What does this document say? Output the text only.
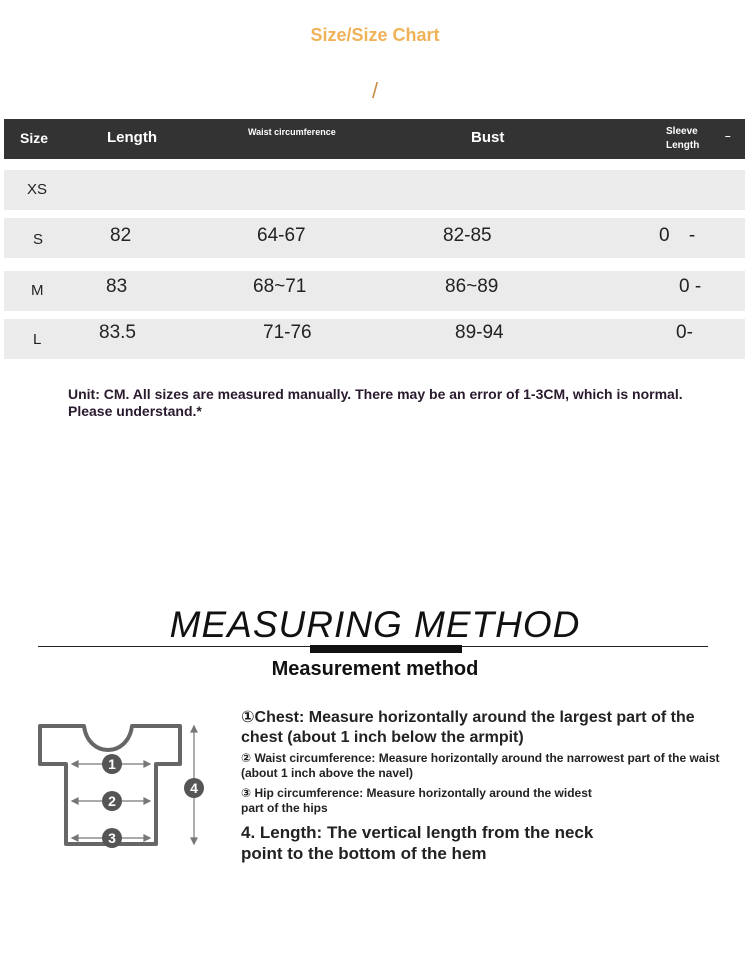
Size/Size Chart
/
Size	Length	Waist circumference	Bust	Sleeve Length
–
XS
S	82	64-67	82-85	0 -
M	83	68~71	86~89	0 -
L	83.5	71-76	89-94	0-
Unit: CM. All sizes are measured manually. There may be an error of 1-3CM, which is normal. Please understand.*
MEASURING METHOD
Measurement method
1
2
3
4
①Chest: Measure horizontally around the largest part of the chest (about 1 inch below the armpit)
② Waist circumference: Measure horizontally around the narrowest part of the waist (about 1 inch above the navel)
③ Hip circumference: Measure horizontally around the widest part of the hips
4. Length: The vertical length from the neck point to the bottom of the hem
